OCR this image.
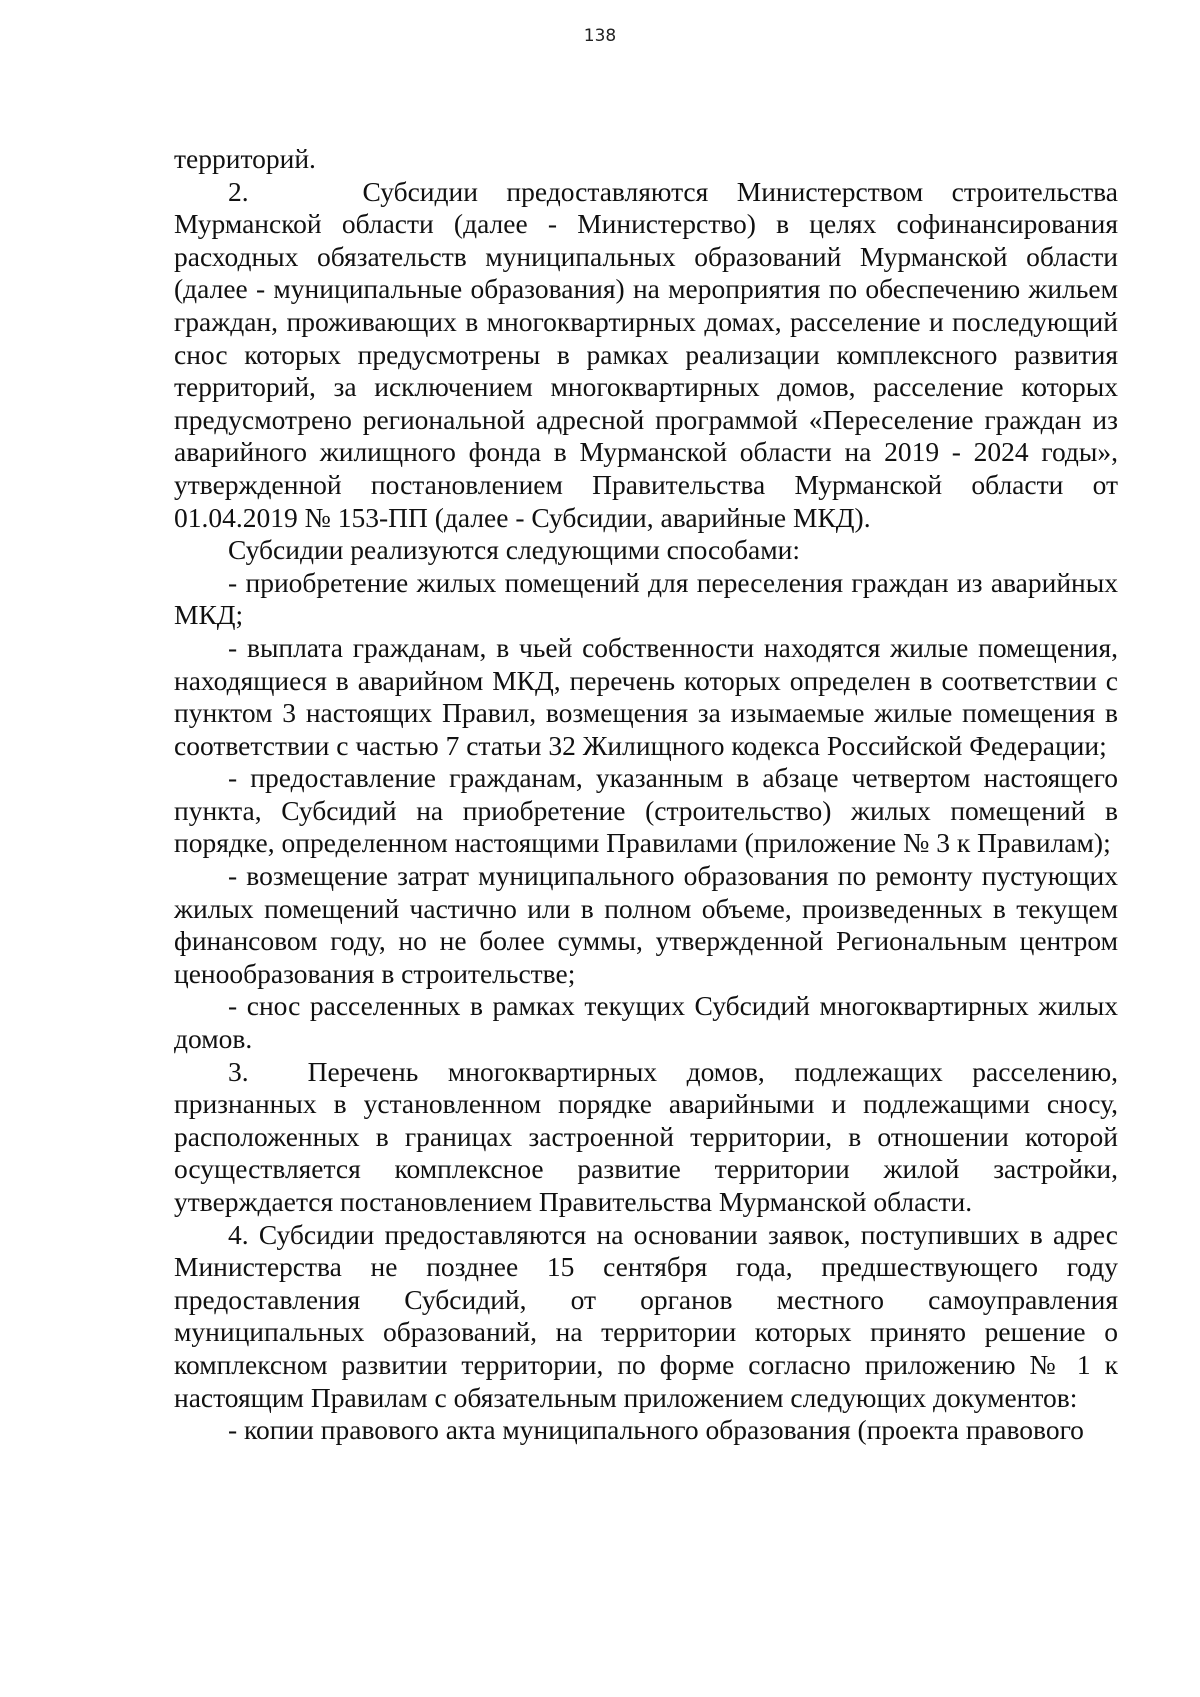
138

территорий.

2.    Субсидии предоставляются Министерством строительства Мурманской области (далее - Министерство) в целях софинансирования расходных обязательств муниципальных образований Мурманской области (далее - муниципальные образования) на мероприятия по обеспечению жильем граждан, проживающих в многоквартирных домах, расселение и последующий снос которых предусмотрены в рамках реализации комплексного развития территорий, за исключением многоквартирных домов, расселение которых предусмотрено региональной адресной программой «Переселение граждан из аварийного жилищного фонда в Мурманской области на 2019 - 2024 годы», утвержденной постановлением Правительства Мурманской области от 01.04.2019 № 153-ПП (далее - Субсидии, аварийные МКД).

Субсидии реализуются следующими способами:

- приобретение жилых помещений для переселения граждан из аварийных МКД;

- выплата гражданам, в чьей собственности находятся жилые помещения, находящиеся в аварийном МКД, перечень которых определен в соответствии с пунктом 3 настоящих Правил, возмещения за изымаемые жилые помещения в соответствии с частью 7 статьи 32 Жилищного кодекса Российской Федерации;

- предоставление гражданам, указанным в абзаце четвертом настоящего пункта, Субсидий на приобретение (строительство) жилых помещений в порядке, определенном настоящими Правилами (приложение № 3 к Правилам);

- возмещение затрат муниципального образования по ремонту пустующих жилых помещений частично или в полном объеме, произведенных в текущем финансовом году, но не более суммы, утвержденной Региональным центром ценообразования в строительстве;

- снос расселенных в рамках текущих Субсидий многоквартирных жилых домов.

3.  Перечень многоквартирных домов, подлежащих расселению, признанных в установленном порядке аварийными и подлежащими сносу, расположенных в границах застроенной территории, в отношении которой осуществляется комплексное развитие территории жилой застройки, утверждается постановлением Правительства Мурманской области.

4. Субсидии предоставляются на основании заявок, поступивших в адрес Министерства не позднее 15 сентября года, предшествующего году предоставления Субсидий, от органов местного самоуправления муниципальных образований, на территории которых принято решение о комплексном развитии территории, по форме согласно приложению № 1 к настоящим Правилам с обязательным приложением следующих документов:

- копии правового акта муниципального образования (проекта правового
